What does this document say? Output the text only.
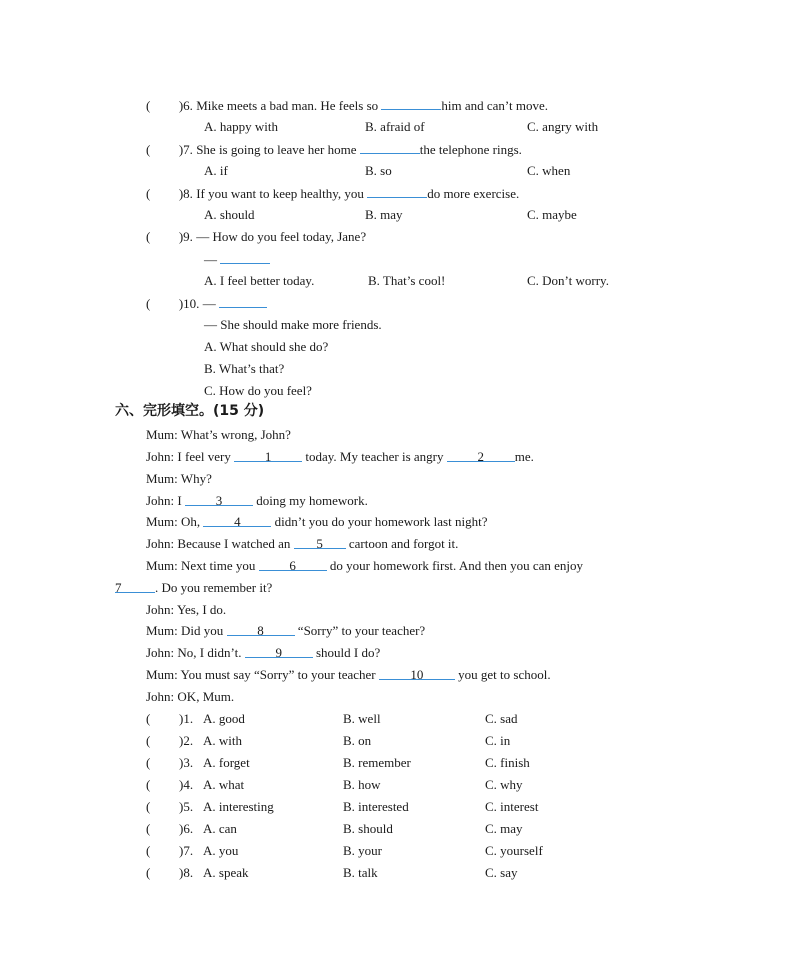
( )6. Mike meets a bad man. He feels so	him and can’t move.
A. happy with	B. afraid of	C. angry with
( )7. She is going to leave her home	the telephone rings.
A. if	B. so	C. when
( )8. If you want to keep healthy, you	do more exercise.
A. should	B. may	C. maybe
( )9. — How do you feel today, Jane?
—
A. I feel better today.	B. That’s cool!	C. Don’t worry.
( )10. —
— She should make more friends.
A. What should she do?
B. What’s that?
C. How do you feel?
六、完形填空。(15 分)
Mum: What’s wrong, John?
John: I feel very	1	today. My teacher is angry	2 me.
Mum: Why?
John: I	3	doing my homework.
Mum: Oh,	4	didn’t you do your homework last night?
John: Because I watched an 5 cartoon and forgot it.
Mum: Next time you	6	do your homework first. And then you can enjoy
7	. Do you remember it?
John: Yes, I do.
Mum: Did you	8	“Sorry” to your teacher?
John: No, I didn’t.	9	should I do?
Mum: You must say “Sorry” to your teacher	10	you get to school.
John: OK, Mum.
( )1. A. good	B. well	C. sad
( )2. A. with	B. on	C. in
( )3. A. forget	B. remember	C. finish
( )4. A. what	B. how	C. why
( )5. A. interesting	B. interested	C. interest
( )6. A. can	B. should	C. may
( )7. A. you	B. your	C. yourself
( )8. A. speak	B. talk	C. say
